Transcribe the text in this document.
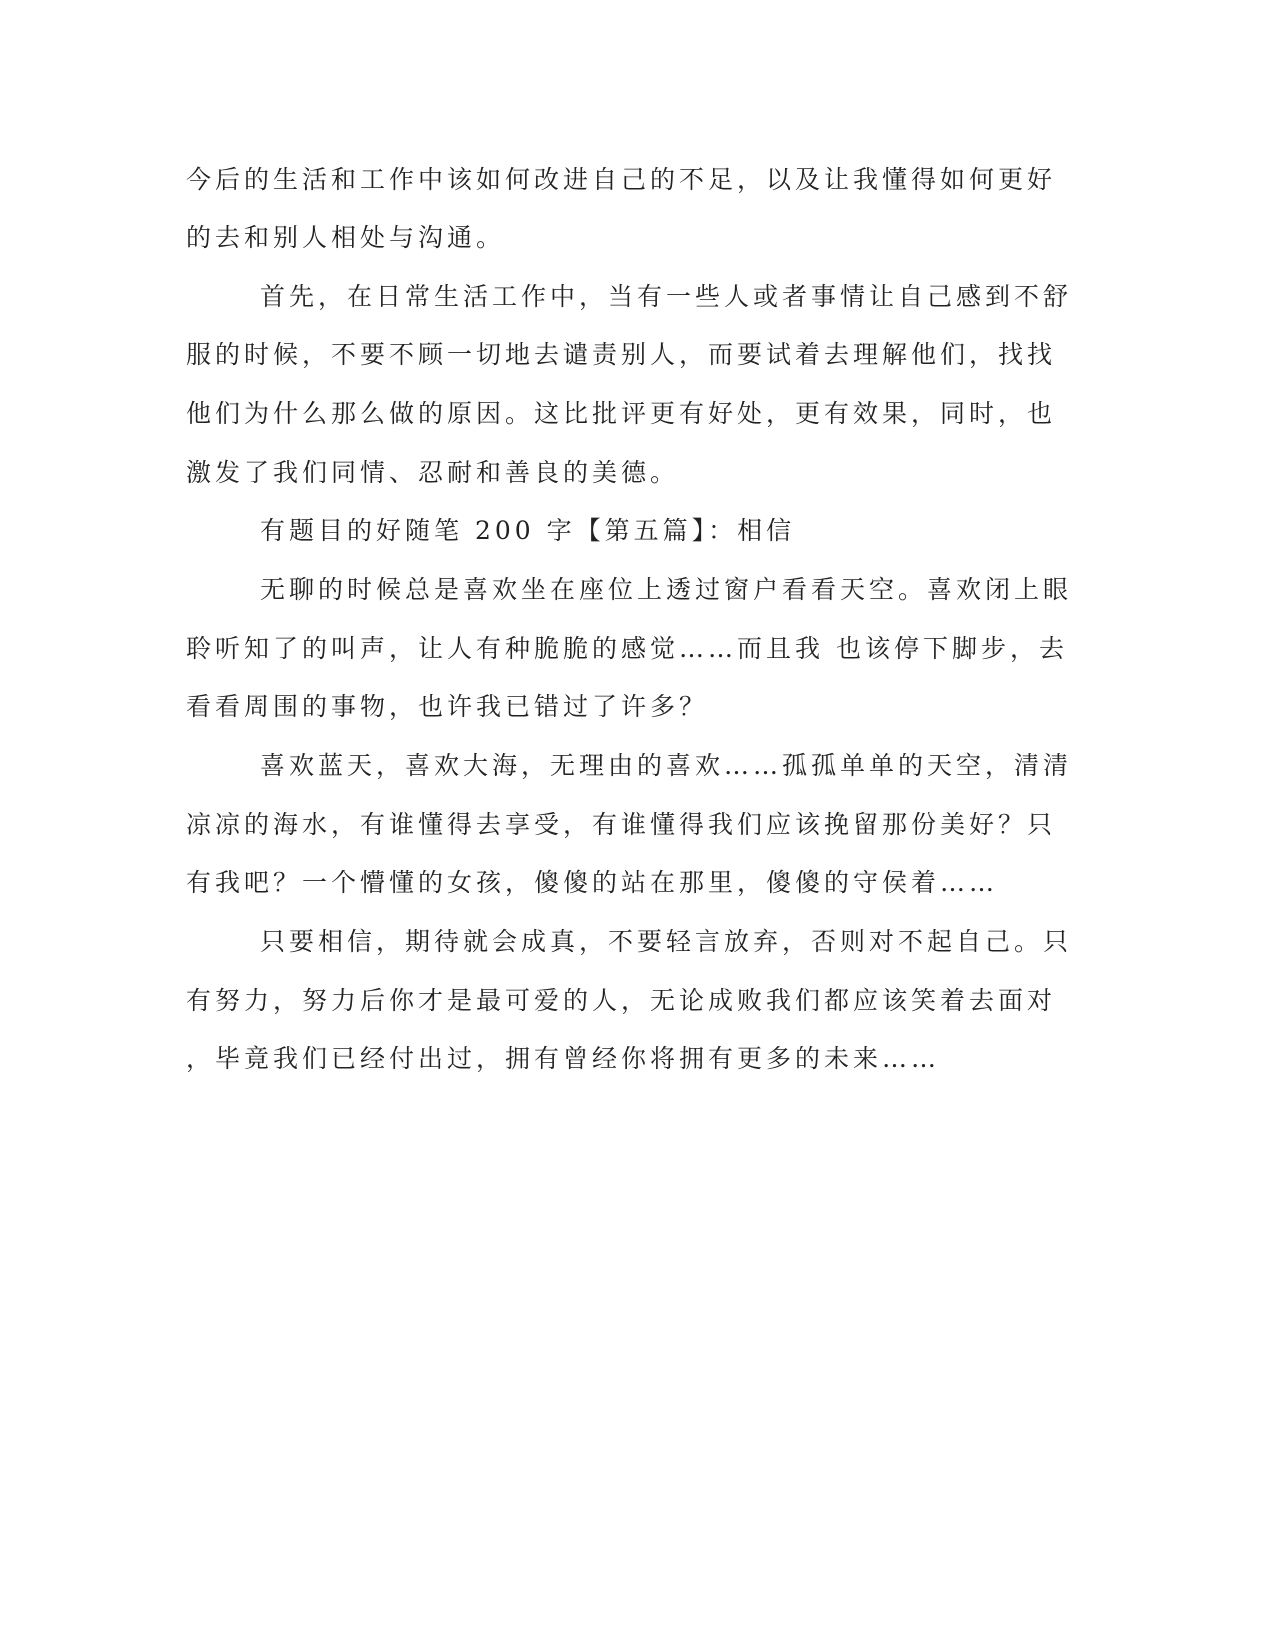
今后的生活和工作中该如何改进自己的不足，以及让我懂得如何更好
的去和别人相处与沟通。
首先，在日常生活工作中，当有一些人或者事情让自己感到不舒
服的时候，不要不顾一切地去谴责别人，而要试着去理解他们，找找
他们为什么那么做的原因。这比批评更有好处，更有效果，同时，也
激发了我们同情、忍耐和善良的美德。
有题目的好随笔 200 字【第五篇】：相信
无聊的时候总是喜欢坐在座位上透过窗户看看天空。喜欢闭上眼
聆听知了的叫声，让人有种脆脆的感觉……而且我 也该停下脚步，去
看看周围的事物，也许我已错过了许多？
喜欢蓝天，喜欢大海，无理由的喜欢……孤孤单单的天空，清清
凉凉的海水，有谁懂得去享受，有谁懂得我们应该挽留那份美好？只
有我吧？一个懵懂的女孩，傻傻的站在那里，傻傻的守侯着……
只要相信，期待就会成真，不要轻言放弃，否则对不起自己。只
有努力，努力后你才是最可爱的人，无论成败我们都应该笑着去面对
，毕竟我们已经付出过，拥有曾经你将拥有更多的未来……
